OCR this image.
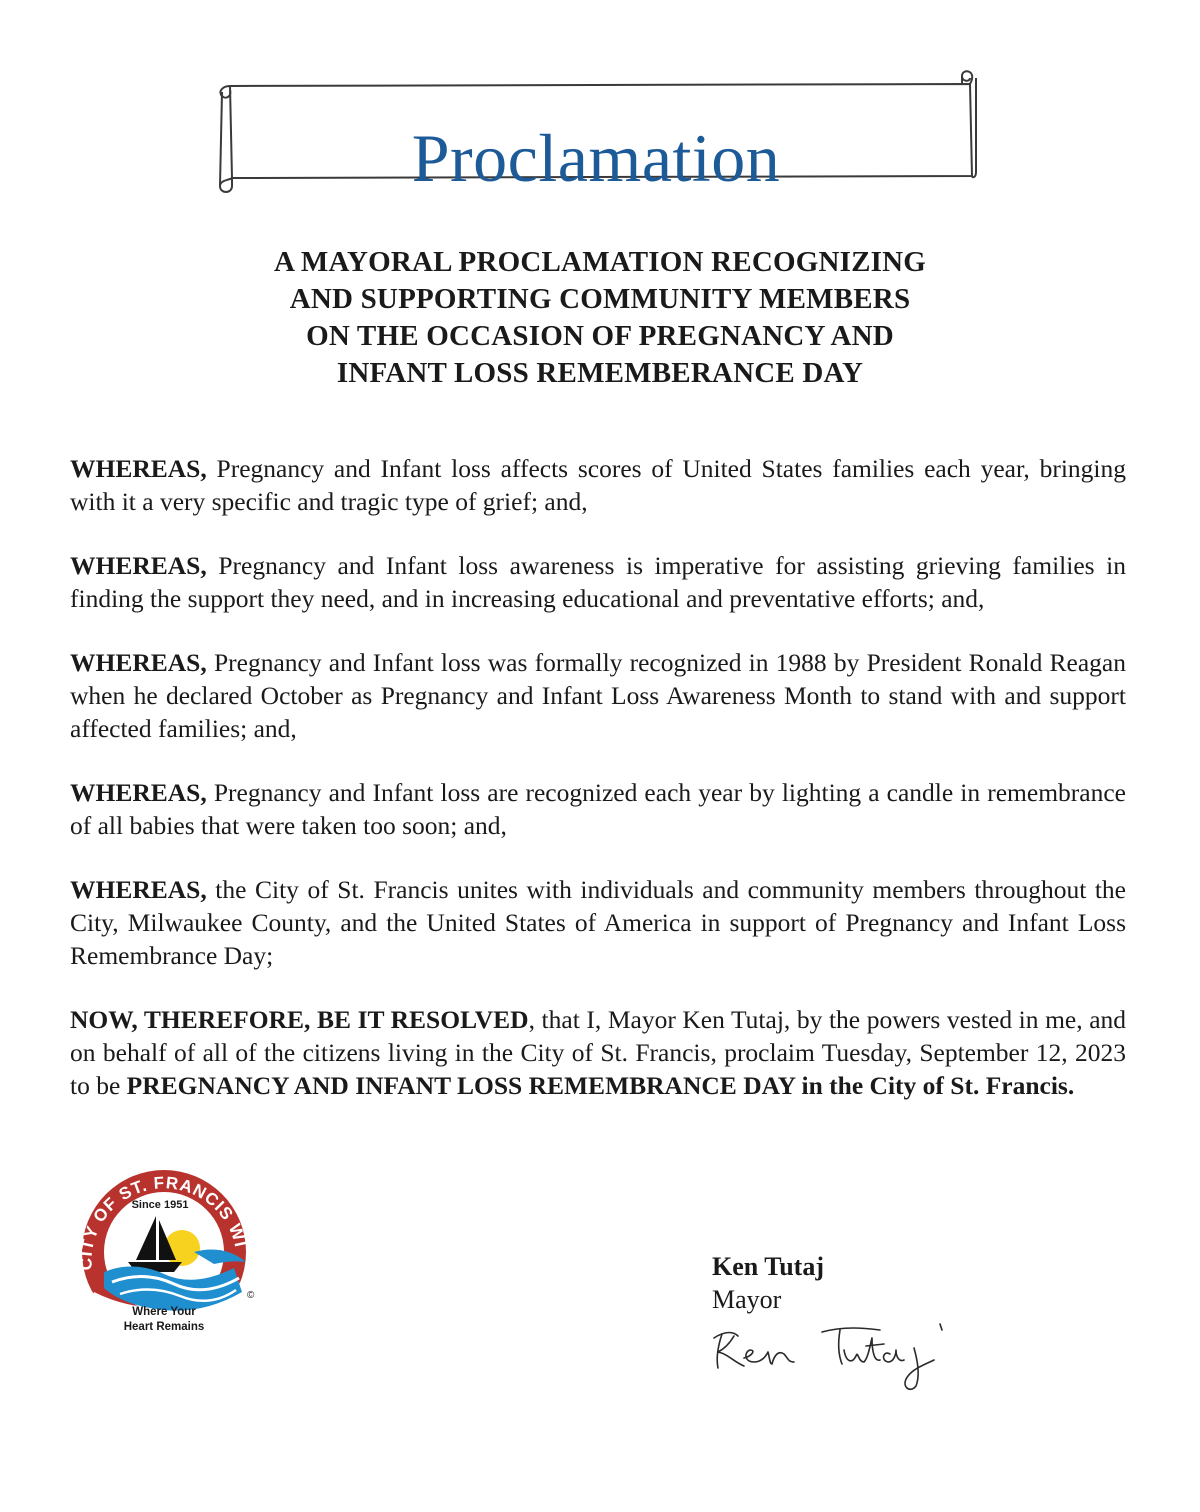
Proclamation
A MAYORAL PROCLAMATION RECOGNIZING
AND SUPPORTING COMMUNITY MEMBERS
ON THE OCCASION OF PREGNANCY AND
INFANT LOSS REMEMBERANCE DAY

WHEREAS, Pregnancy and Infant loss affects scores of United States families each year, bringing with it a very specific and tragic type of grief; and,

WHEREAS, Pregnancy and Infant loss awareness is imperative for assisting grieving families in finding the support they need, and in increasing educational and preventative efforts; and,

WHEREAS, Pregnancy and Infant loss was formally recognized in 1988 by President Ronald Reagan when he declared October as Pregnancy and Infant Loss Awareness Month to stand with and support affected families; and,

WHEREAS, Pregnancy and Infant loss are recognized each year by lighting a candle in remembrance of all babies that were taken too soon; and,

WHEREAS, the City of St. Francis unites with individuals and community members throughout the City, Milwaukee County, and the United States of America in support of Pregnancy and Infant Loss Remembrance Day;

NOW, THEREFORE, BE IT RESOLVED, that I, Mayor Ken Tutaj, by the powers vested in me, and on behalf of all of the citizens living in the City of St. Francis, proclaim Tuesday, September 12, 2023 to be PREGNANCY AND INFANT LOSS REMEMBRANCE DAY in the City of St. Francis.

CITY OF ST. FRANCIS WI
Since 1951
©
Where Your
Heart Remains
Ken Tutaj
Mayor
